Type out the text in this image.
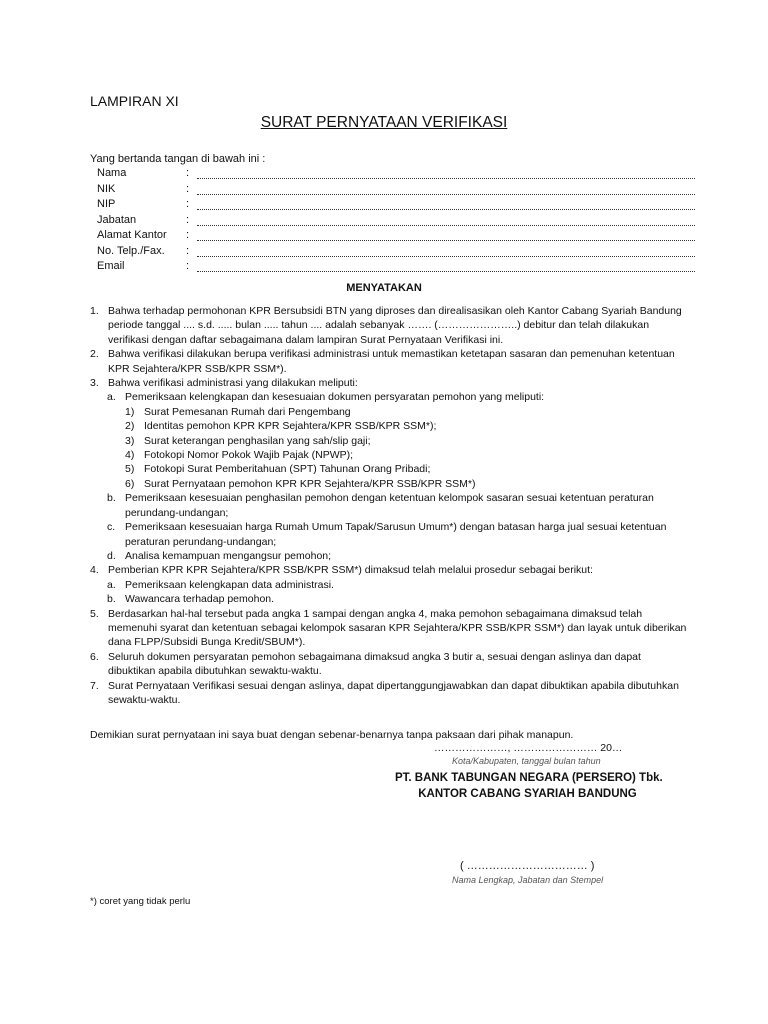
LAMPIRAN XI
SURAT PERNYATAAN VERIFIKASI
Yang bertanda tangan di bawah ini :
Nama	:
NIK	:
NIP	:
Jabatan	:
Alamat Kantor :
No. Telp./Fax. :
Email	:
MENYATAKAN
1. Bahwa terhadap permohonan KPR Bersubsidi BTN yang diproses dan direalisasikan oleh Kantor Cabang Syariah Bandung
periode tanggal .... s.d. ..... bulan ..... tahun .... adalah sebanyak ……. (…………………..) debitur dan telah dilakukan
verifikasi dengan daftar sebagaimana dalam lampiran Surat Pernyataan Verifikasi ini.
2. Bahwa verifikasi dilakukan berupa verifikasi administrasi untuk memastikan ketetapan sasaran dan pemenuhan ketentuan
KPR Sejahtera/KPR SSB/KPR SSM*).
3. Bahwa verifikasi administrasi yang dilakukan meliputi:
a. Pemeriksaan kelengkapan dan kesesuaian dokumen persyaratan pemohon yang meliputi:
1) Surat Pemesanan Rumah dari Pengembang
2) Identitas pemohon KPR KPR Sejahtera/KPR SSB/KPR SSM*);
3) Surat keterangan penghasilan yang sah/slip gaji;
4) Fotokopi Nomor Pokok Wajib Pajak (NPWP);
5) Fotokopi Surat Pemberitahuan (SPT) Tahunan Orang Pribadi;
6) Surat Pernyataan pemohon KPR KPR Sejahtera/KPR SSB/KPR SSM*)
b. Pemeriksaan kesesuaian penghasilan pemohon dengan ketentuan kelompok sasaran sesuai ketentuan peraturan
perundang-undangan;
c. Pemeriksaan kesesuaian harga Rumah Umum Tapak/Sarusun Umum*) dengan batasan harga jual sesuai ketentuan
peraturan perundang-undangan;
d. Analisa kemampuan mengangsur pemohon;
4. Pemberian KPR KPR Sejahtera/KPR SSB/KPR SSM*) dimaksud telah melalui prosedur sebagai berikut:
a. Pemeriksaan kelengkapan data administrasi.
b. Wawancara terhadap pemohon.
5. Berdasarkan hal-hal tersebut pada angka 1 sampai dengan angka 4, maka pemohon sebagaimana dimaksud telah
memenuhi syarat dan ketentuan sebagai kelompok sasaran KPR Sejahtera/KPR SSB/KPR SSM*) dan layak untuk diberikan
dana FLPP/Subsidi Bunga Kredit/SBUM*).
6. Seluruh dokumen persyaratan pemohon sebagaimana dimaksud angka 3 butir a, sesuai dengan aslinya dan dapat
dibuktikan apabila dibutuhkan sewaktu-waktu.
7. Surat Pernyataan Verifikasi sesuai dengan aslinya, dapat dipertanggungjawabkan dan dapat dibuktikan apabila dibutuhkan
sewaktu-waktu.
Demikian surat pernyataan ini saya buat dengan sebenar-benarnya tanpa paksaan dari pihak manapun.
…………………, …………………… 20…
Kota/Kabupaten, tanggal bulan tahun
PT. BANK TABUNGAN NEGARA (PERSERO) Tbk.
KANTOR CABANG SYARIAH BANDUNG
( …………………………… )
Nama Lengkap, Jabatan dan Stempel
*) coret yang tidak perlu
